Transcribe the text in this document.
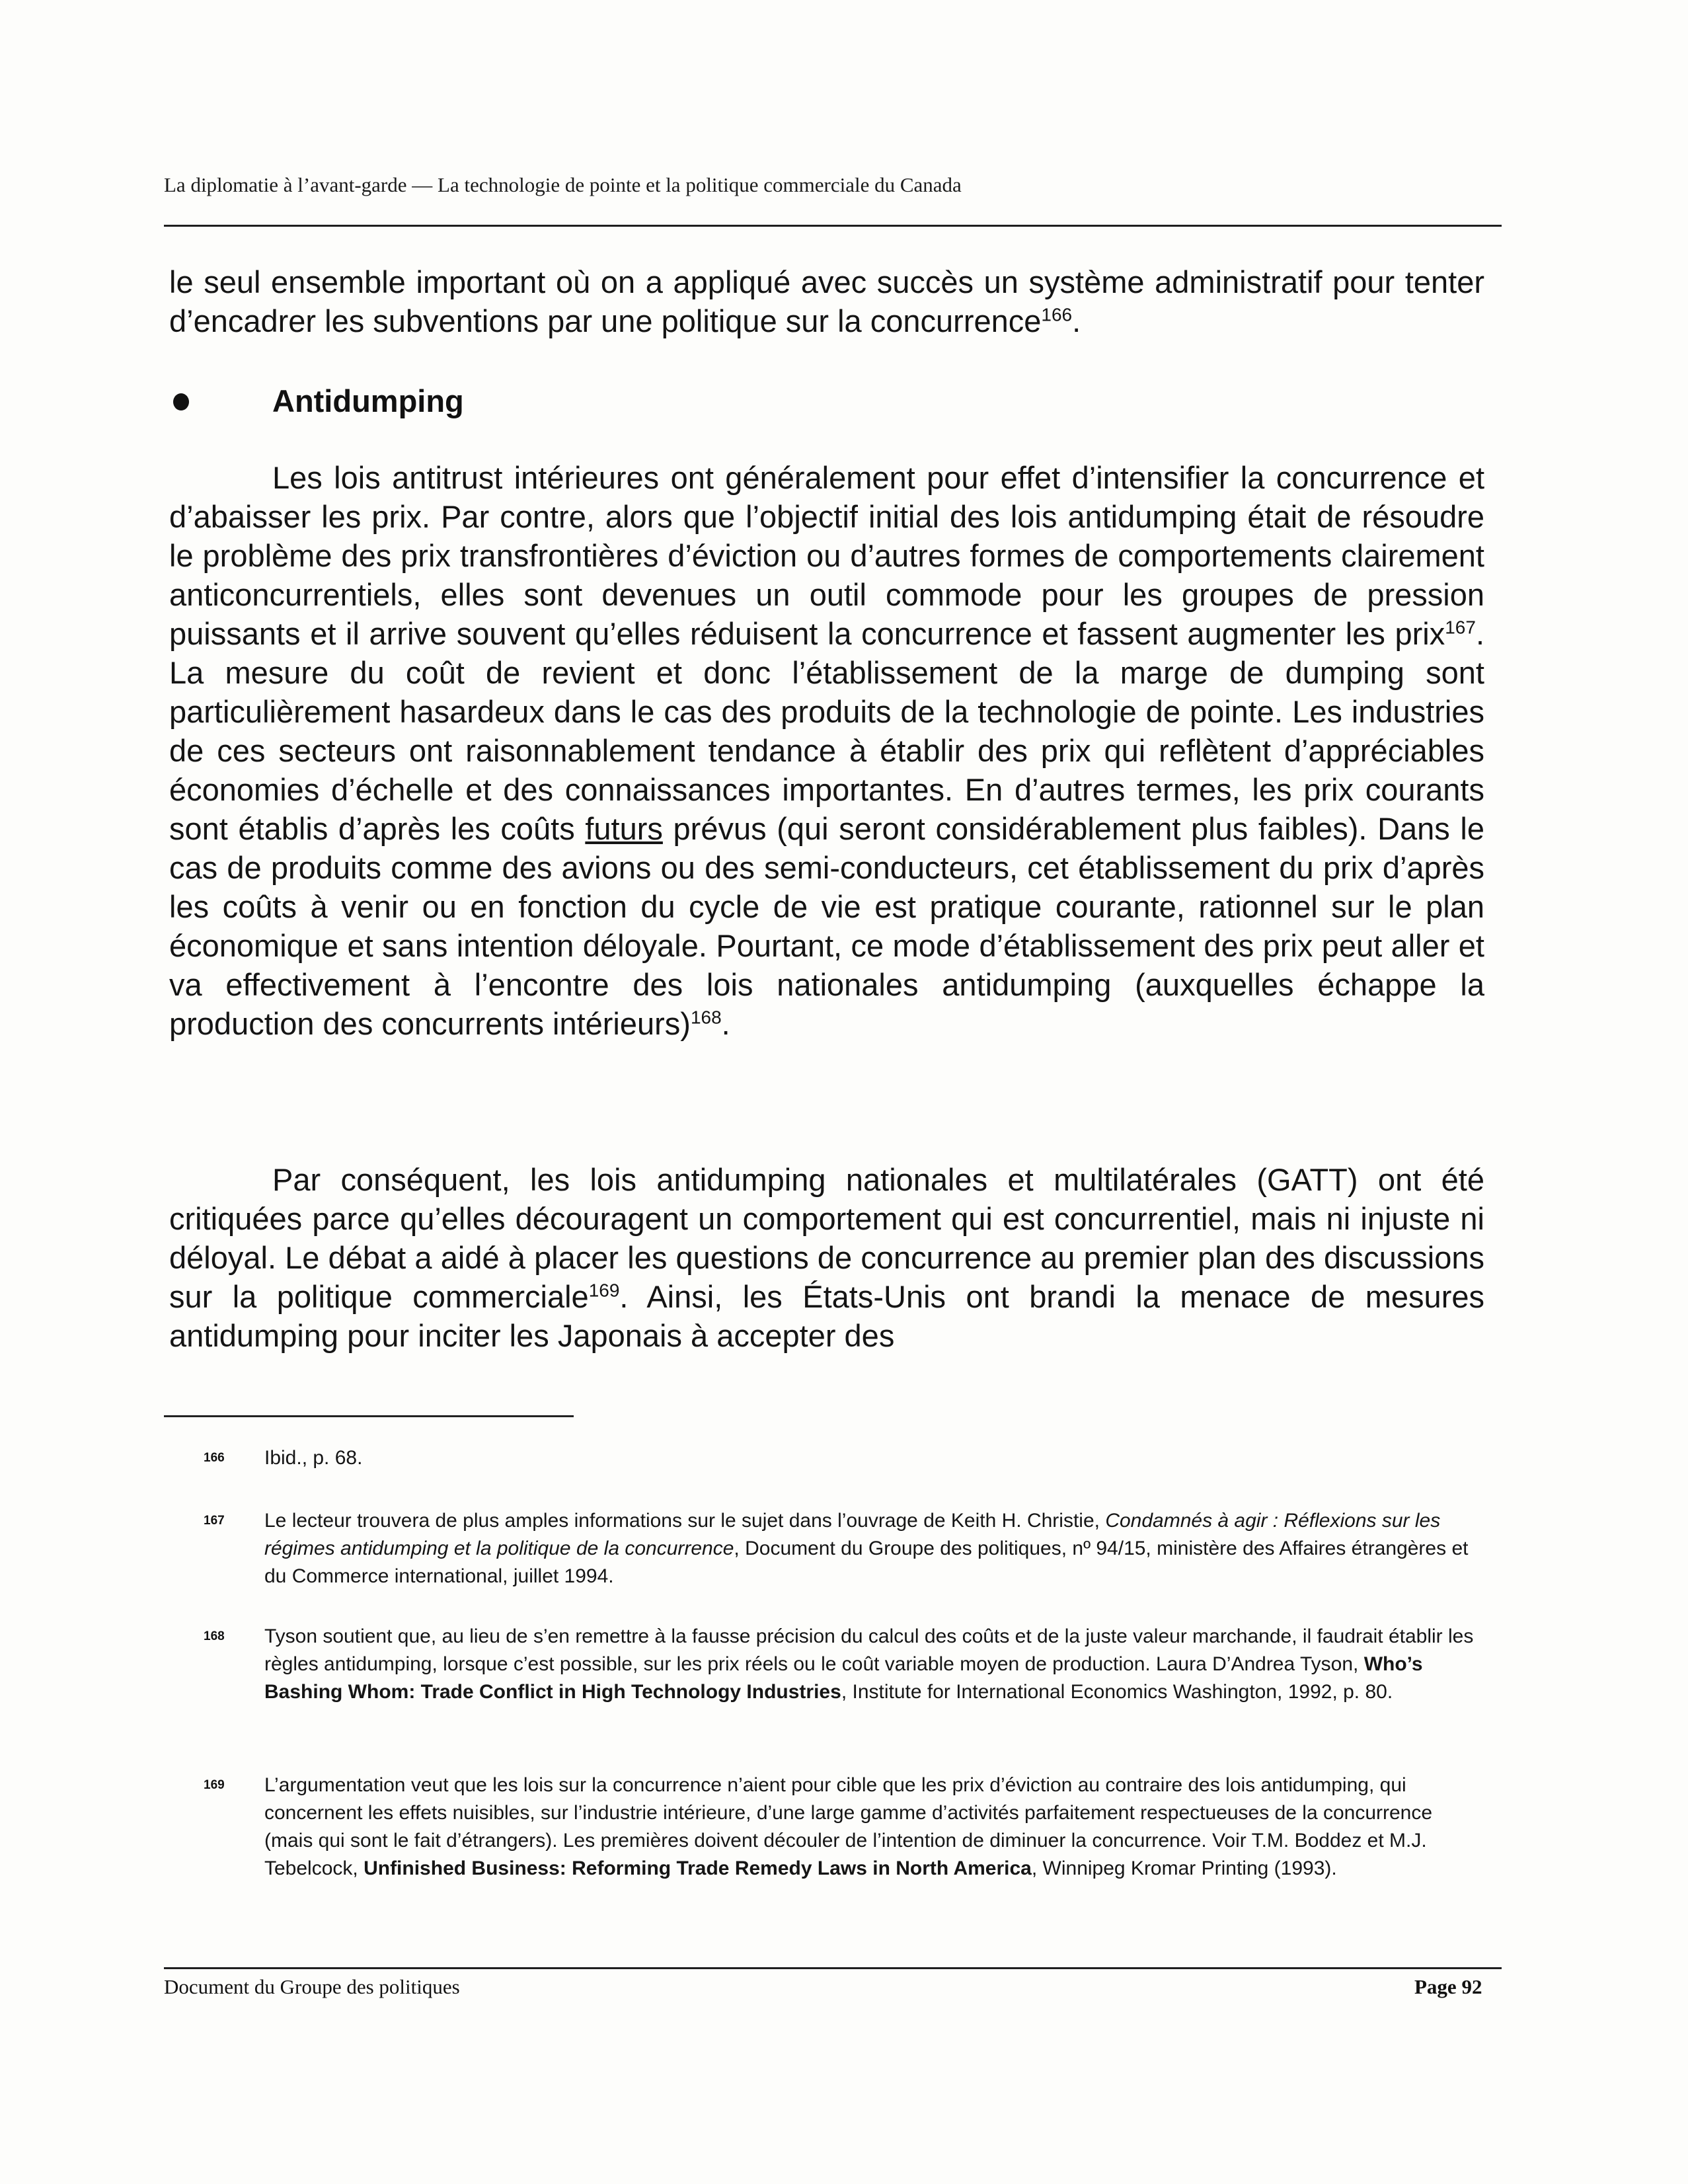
La diplomatie à l’avant-garde — La technologie de pointe et la politique commerciale du Canada
le seul ensemble important où on a appliqué avec succès un système administratif pour tenter d’encadrer les subventions par une politique sur la concurrence$^{166}$.
Antidumping
Les lois antitrust intérieures ont généralement pour effet d’intensifier la concurrence et d’abaisser les prix. Par contre, alors que l’objectif initial des lois antidumping était de résoudre le problème des prix transfrontières d’éviction ou d’autres formes de comportements clairement anticoncurrentiels, elles sont devenues un outil commode pour les groupes de pression puissants et il arrive souvent qu’elles réduisent la concurrence et fassent augmenter les prix$^{167}$. La mesure du coût de revient et donc l’établissement de la marge de dumping sont particulièrement hasardeux dans le cas des produits de la technologie de pointe. Les industries de ces secteurs ont raisonnablement tendance à établir des prix qui reflètent d’appréciables économies d’échelle et des connaissances importantes. En d’autres termes, les prix courants sont établis d’après les coûts futurs prévus (qui seront considérablement plus faibles). Dans le cas de produits comme des avions ou des semi-conducteurs, cet établissement du prix d’après les coûts à venir ou en fonction du cycle de vie est pratique courante, rationnel sur le plan économique et sans intention déloyale. Pourtant, ce mode d’établissement des prix peut aller et va effectivement à l’encontre des lois nationales antidumping (auxquelles échappe la production des concurrents intérieurs)$^{168}$.
Par conséquent, les lois antidumping nationales et multilatérales (GATT) ont été critiquées parce qu’elles découragent un comportement qui est concurrentiel, mais ni injuste ni déloyal. Le débat a aidé à placer les questions de concurrence au premier plan des discussions sur la politique commerciale$^{169}$. Ainsi, les États-Unis ont brandi la menace de mesures antidumping pour inciter les Japonais à accepter des
166 Ibid., p. 68.
167 Le lecteur trouvera de plus amples informations sur le sujet dans l’ouvrage de Keith H. Christie, Condamnés à agir : Réflexions sur les régimes antidumping et la politique de la concurrence, Document du Groupe des politiques, nº 94/15, ministère des Affaires étrangères et du Commerce international, juillet 1994.
168 Tyson soutient que, au lieu de s’en remettre à la fausse précision du calcul des coûts et de la juste valeur marchande, il faudrait établir les règles antidumping, lorsque c’est possible, sur les prix réels ou le coût variable moyen de production. Laura D’Andrea Tyson, Who’s Bashing Whom: Trade Conflict in High Technology Industries, Institute for International Economics Washington, 1992, p. 80.
169 L’argumentation veut que les lois sur la concurrence n’aient pour cible que les prix d’éviction au contraire des lois antidumping, qui concernent les effets nuisibles, sur l’industrie intérieure, d’une large gamme d’activités parfaitement respectueuses de la concurrence (mais qui sont le fait d’étrangers). Les premières doivent découler de l’intention de diminuer la concurrence. Voir T.M. Boddez et M.J. Tebelcock, Unfinished Business: Reforming Trade Remedy Laws in North America, Winnipeg Kromar Printing (1993).
Document du Groupe des politiques	Page 92
